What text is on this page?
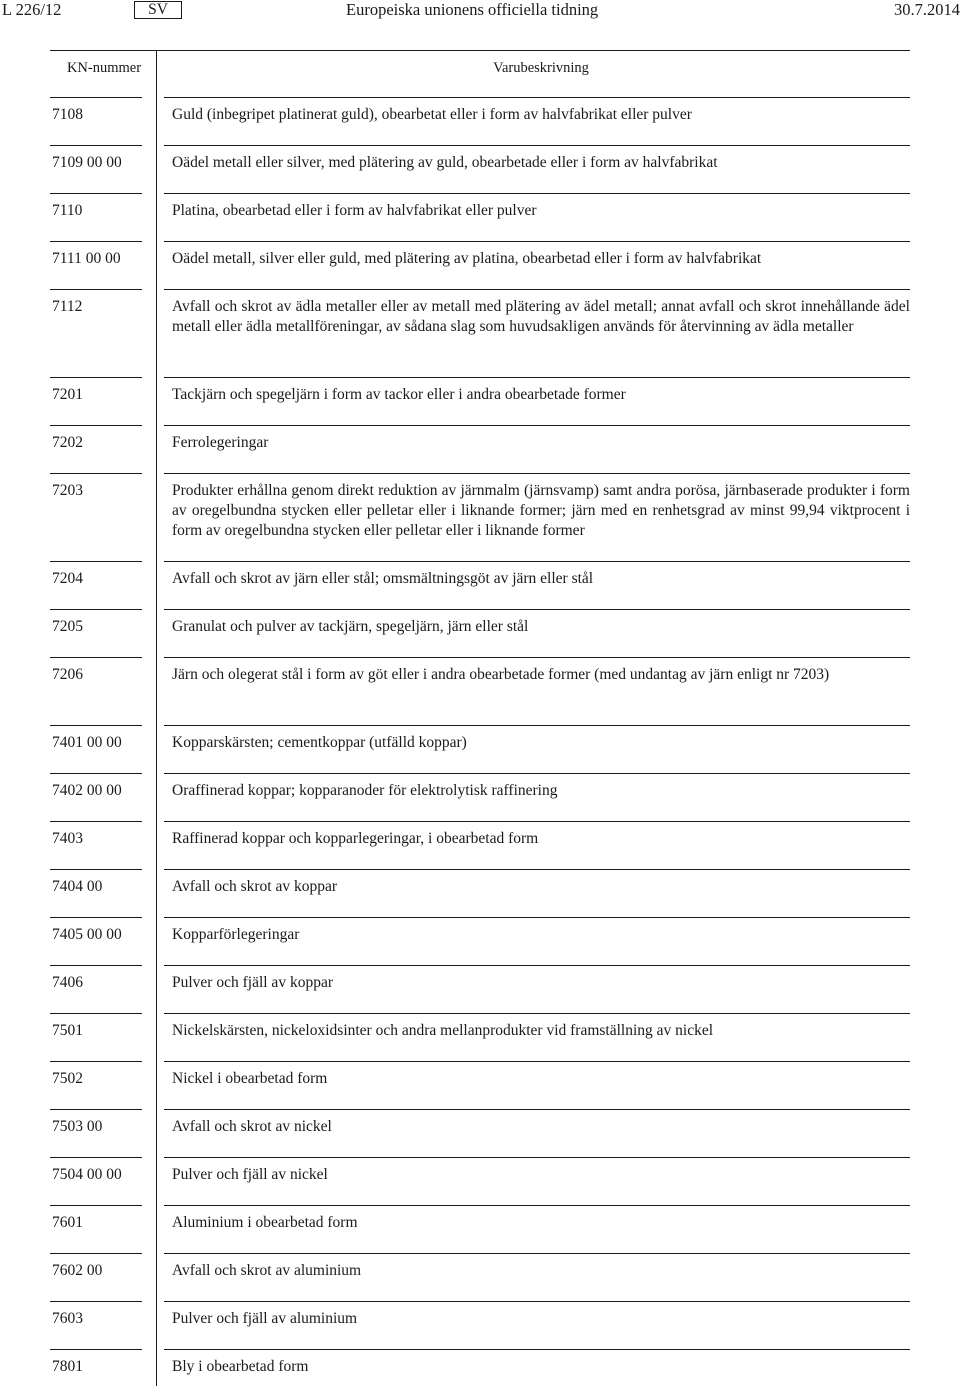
L 226/12	SV	Europeiska unionens officiella tidning	30.7.2014
KN-nummer	Varubeskrivning
7108	Guld (inbegripet platinerat guld), obearbetat eller i form av halvfabrikat eller pulver
7109 00 00	Oädel metall eller silver, med plätering av guld, obearbetade eller i form av halvfabrikat
7110	Platina, obearbetad eller i form av halvfabrikat eller pulver
7111 00 00	Oädel metall, silver eller guld, med plätering av platina, obearbetad eller i form av halvfabrikat
7112	Avfall och skrot av ädla metaller eller av metall med plätering av ädel metall; annat avfall och skrot innehållande ädel metall eller ädla metallföreningar, av sådana slag som huvudsakligen används för återvinning av ädla metaller
7201	Tackjärn och spegeljärn i form av tackor eller i andra obearbetade former
7202	Ferrolegeringar
7203	Produkter erhållna genom direkt reduktion av järnmalm (järnsvamp) samt andra porösa, järnbaserade produkter i form av oregelbundna stycken eller pelletar eller i liknande former; järn med en renhetsgrad av minst 99,94 viktprocent i form av oregelbundna stycken eller pelletar eller i liknande former
7204	Avfall och skrot av järn eller stål; omsmältningsgöt av järn eller stål
7205	Granulat och pulver av tackjärn, spegeljärn, järn eller stål
7206	Järn och olegerat stål i form av göt eller i andra obearbetade former (med undantag av järn enligt nr 7203)
7401 00 00	Kopparskärsten; cementkoppar (utfälld koppar)
7402 00 00	Oraffinerad koppar; kopparanoder för elektrolytisk raffinering
7403	Raffinerad koppar och kopparlegeringar, i obearbetad form
7404 00	Avfall och skrot av koppar
7405 00 00	Kopparförlegeringar
7406	Pulver och fjäll av koppar
7501	Nickelskärsten, nickeloxidsinter och andra mellanprodukter vid framställning av nickel
7502	Nickel i obearbetad form
7503 00	Avfall och skrot av nickel
7504 00 00	Pulver och fjäll av nickel
7601	Aluminium i obearbetad form
7602 00	Avfall och skrot av aluminium
7603	Pulver och fjäll av aluminium
7801	Bly i obearbetad form
